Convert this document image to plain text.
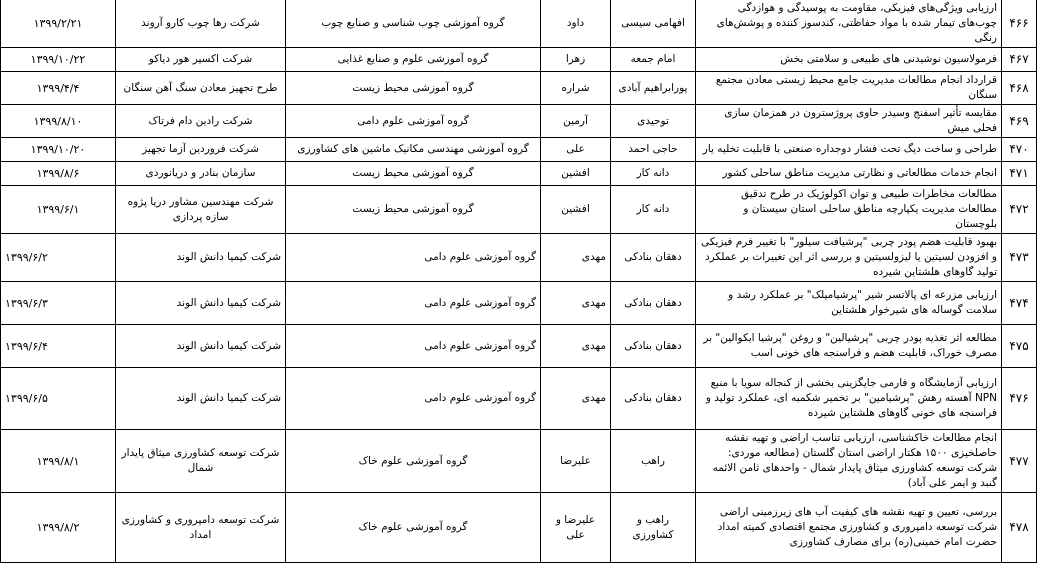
۴۶۶	ارزیابی ویژگی‌های فیزیکی، مقاومت به پوسیدگی و هوازدگی چوب‌های تیمار شده با مواد حفاظتی، کندسوز کننده و پوشش‌های رنگی	افهامی سیسی	داود	گروه آموزشی چوب شناسی و صنایع چوب	شرکت رها چوب کارو آروند	۱۳۹۹/۲/۲۱
۴۶۷	فرمولاسیون نوشیدنی های طبیعی و سلامتی بخش	امام جمعه	زهرا	گروه آموزشی علوم و صنایع غذایی	شرکت اکسیر هور دیاکو	۱۳۹۹/۱۰/۲۲
۴۶۸	قرارداد انجام مطالعات مدیریت جامع محیط زیستی معادن مجتمع سنگان	پورابراهیم آبادی	شراره	گروه آموزشی محیط زیست	طرح تجهیز معادن سنگ آهن سنگان	۱۳۹۹/۴/۴
۴۶۹	مقایسه تأثیر اسفنج وسیدر حاوی پروژسترون در همزمان سازی فحلی میش	توحیدی	آرمین	گروه آموزشی علوم دامی	شرکت رادین دام فرتاک	۱۳۹۹/۸/۱۰
۴۷۰	طراحی و ساخت دیگ تحت فشار دوجداره صنعتی با قابلیت تخلیه یار	حاجی احمد	علی	گروه آموزشی مهندسی مکانیک ماشین های کشاورزی	شرکت فروردین آزما تجهیز	۱۳۹۹/۱۰/۲۰
۴۷۱	انجام خدمات مطالعاتی و نظارتی مدیریت مناطق ساحلی کشور	دانه کار	افشین	گروه آموزشی محیط زیست	سازمان بنادر و دریانوردی	۱۳۹۹/۸/۶
۴۷۲	مطالعات مخاطرات طبیعی و توان اکولوژیک در طرح تدقیق مطالعات مدیریت یکپارچه مناطق ساحلی استان سیستان و بلوچستان	دانه کار	افشین	گروه آموزشی محیط زیست	شرکت مهندسین مشاور دریا پژوه سازه پردازی	۱۳۹۹/۶/۱
۴۷۳	بهبود قابلیت هضم پودر چربی "پرشیافت سیلور" با تغییر فرم فیزیکی و افزودن لسیتین یا لیزولسیتین و بررسی اثر این تغییرات بر عملکرد تولید گاوهای هلشتاین شیرده	دهقان بنادکی	مهدی	گروه آموزشی علوم دامی	شرکت کیمیا دانش الوند	۱۳۹۹/۶/۲
۴۷۴	ارزیابی مزرعه ای پالاتسر شیر "پرشیامیلک" بر عملکرد رشد و سلامت گوساله های شیرخوار هلشتاین	دهقان بنادکی	مهدی	گروه آموزشی علوم دامی	شرکت کیمیا دانش الوند	۱۳۹۹/۶/۳
۴۷۵	مطالعه اثر تغذیه پودر چربی "پرشیالین" و روغن "پرشیا ایکوالین" بر مصرف خوراک، قابلیت هضم و فراسنجه های خونی اسب	دهقان بنادکی	مهدی	گروه آموزشی علوم دامی	شرکت کیمیا دانش الوند	۱۳۹۹/۶/۴
۴۷۶	ارزیابی آزمایشگاه و فارمی جایگزینی بخشی از کنجاله سویا با منبع NPN آهسته رهش "پرشیامین" بر تخمیر شکمبه ای، عملکرد تولید و فراسنجه های خونی گاوهای هلشتاین شیرده	دهقان بنادکی	مهدی	گروه آموزشی علوم دامی	شرکت کیمیا دانش الوند	۱۳۹۹/۶/۵
۴۷۷	انجام مطالعات خاکشناسی، ارزیابی تناسب اراضی و تهیه نقشه حاصلخیزی ۱۵۰۰ هکتار اراضی استان گلستان (مطالعه موردی: شرکت توسعه کشاورزی میثاق پایدار شمال - واحدهای ثامن الائمه گنبد و ایمر علی آباد)	راهب	علیرضا	گروه آموزشی علوم خاک	شرکت توسعه کشاورزی میثاق پایدار شمال	۱۳۹۹/۸/۱
۴۷۸	بررسی، تعیین و تهیه نقشه های کیفیت آب های زیرزمینی اراضی شرکت توسعه دامپروری و کشاورزی مجتمع اقتصادی کمیته امداد حضرت امام خمینی(ره) برای مصارف کشاورزی	راهب و کشاورزی	علیرضا و علی	گروه آموزشی علوم خاک	شرکت توسعه دامپروری و کشاورزی امداد	۱۳۹۹/۸/۲
